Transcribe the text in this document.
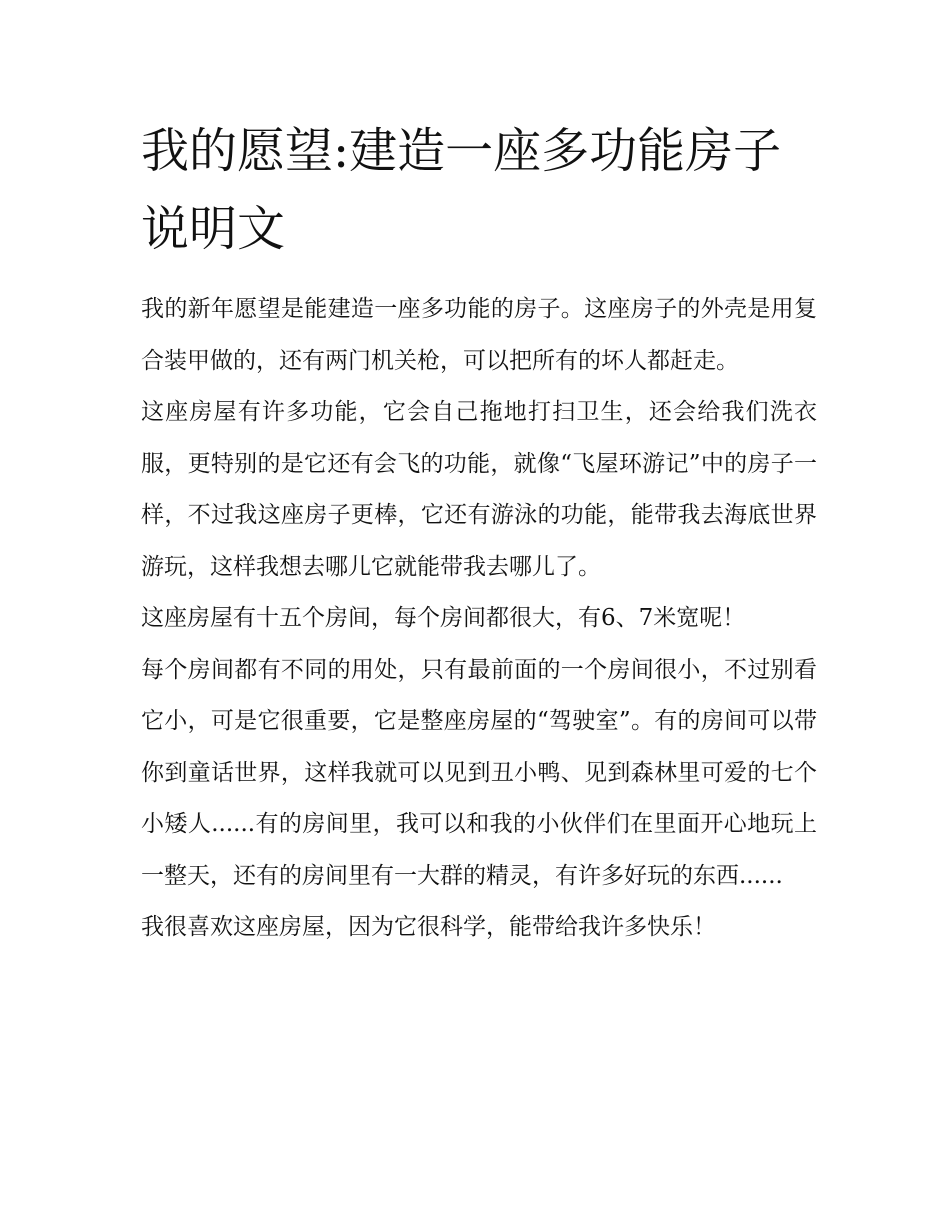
我的愿望:建造一座多功能房子说明文

我的新年愿望是能建造一座多功能的房子。这座房子的外壳是用复合装甲做的，还有两门机关枪，可以把所有的坏人都赶走。

这座房屋有许多功能，它会自己拖地打扫卫生，还会给我们洗衣服，更特别的是它还有会飞的功能，就像“飞屋环游记”中的房子一样，不过我这座房子更棒，它还有游泳的功能，能带我去海底世界游玩，这样我想去哪儿它就能带我去哪儿了。

这座房屋有十五个房间，每个房间都很大，有6、7米宽呢！

每个房间都有不同的用处，只有最前面的一个房间很小，不过别看它小，可是它很重要，它是整座房屋的“驾驶室”。有的房间可以带你到童话世界，这样我就可以见到丑小鸭、见到森林里可爱的七个小矮人......有的房间里，我可以和我的小伙伴们在里面开心地玩上一整天，还有的房间里有一大群的精灵，有许多好玩的东西......

我很喜欢这座房屋，因为它很科学，能带给我许多快乐！
